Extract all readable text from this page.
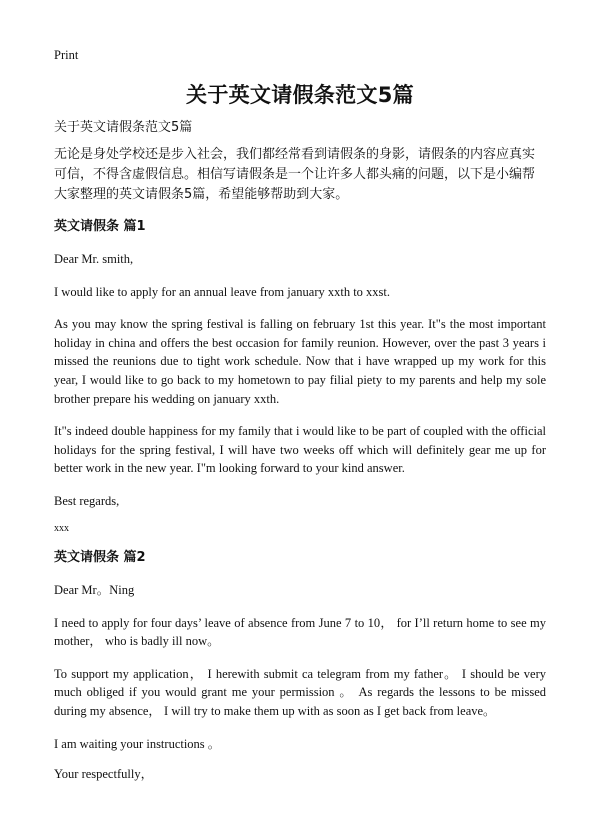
Print
关于英文请假条范文5篇

关于英文请假条范文5篇

无论是身处学校还是步入社会，我们都经常看到请假条的身影，请假条的内容应真实可信，不得含虚假信息。相信写请假条是一个让许多人都头痛的问题，以下是小编帮大家整理的英文请假条5篇，希望能够帮助到大家。

英文请假条 篇1

Dear Mr. smith,

I would like to apply for an annual leave from january xxth to xxst.

As you may know the spring festival is falling on february 1st this year. It"s the most important holiday in china and offers the best occasion for family reunion. However, over the past 3 years i missed the reunions due to tight work schedule. Now that i have wrapped up my work for this year, I would like to go back to my hometown to pay filial piety to my parents and help my sole brother prepare his wedding on january xxth.

It"s indeed double happiness for my family that i would like to be part of coupled with the official holidays for the spring festival, I will have two weeks off which will definitely gear me up for better work in the new year. I"m looking forward to your kind answer.

Best regards,

xxx

英文请假条 篇2

Dear Mr。Ning

I need to apply for four days’ leave of absence from June 7 to 10， for I’ll return home to see my mother， who is badly ill now。

To support my application， I herewith submit ca telegram from my father。 I should be very much obliged if you would grant me your permission 。 As regards the lessons to be missed during my absence， I will try to make them up with as soon as I get back from leave。

I am waiting your instructions 。

Your respectfully，
